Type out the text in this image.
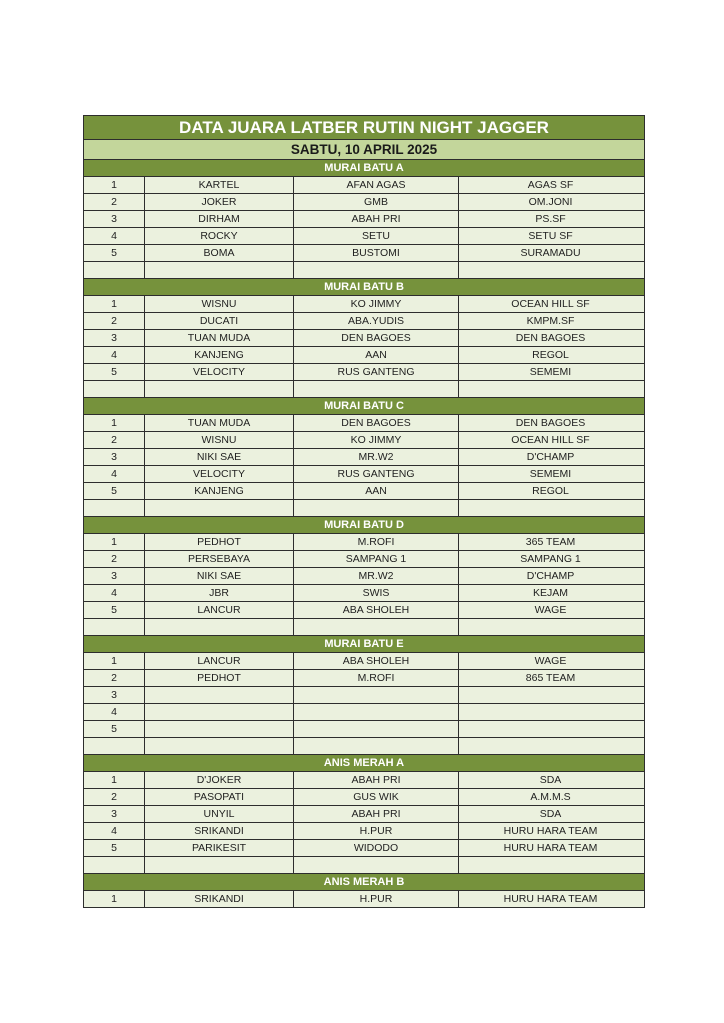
DATA JUARA LATBER RUTIN NIGHT JAGGER
SABTU, 10 APRIL 2025
MURAI BATU A
1	KARTEL	AFAN AGAS	AGAS SF
2	JOKER	GMB	OM.JONI
3	DIRHAM	ABAH PRI	PS.SF
4	ROCKY	SETU	SETU SF
5	BOMA	BUSTOMI	SURAMADU
MURAI BATU B
1	WISNU	KO JIMMY	OCEAN HILL SF
2	DUCATI	ABA.YUDIS	KMPM.SF
3	TUAN MUDA	DEN BAGOES	DEN BAGOES
4	KANJENG	AAN	REGOL
5	VELOCITY	RUS GANTENG	SEMEMI
MURAI BATU C
1	TUAN MUDA	DEN BAGOES	DEN BAGOES
2	WISNU	KO JIMMY	OCEAN HILL SF
3	NIKI SAE	MR.W2	D'CHAMP
4	VELOCITY	RUS GANTENG	SEMEMI
5	KANJENG	AAN	REGOL
MURAI BATU D
1	PEDHOT	M.ROFI	365 TEAM
2	PERSEBAYA	SAMPANG 1	SAMPANG 1
3	NIKI SAE	MR.W2	D'CHAMP
4	JBR	SWIS	KEJAM
5	LANCUR	ABA SHOLEH	WAGE
MURAI BATU E
1	LANCUR	ABA SHOLEH	WAGE
2	PEDHOT	M.ROFI	865 TEAM
3
4
5
ANIS MERAH A
1	D'JOKER	ABAH PRI	SDA
2	PASOPATI	GUS WIK	A.M.M.S
3	UNYIL	ABAH PRI	SDA
4	SRIKANDI	H.PUR	HURU HARA TEAM
5	PARIKESIT	WIDODO	HURU HARA TEAM
ANIS MERAH B
1	SRIKANDI	H.PUR	HURU HARA TEAM
